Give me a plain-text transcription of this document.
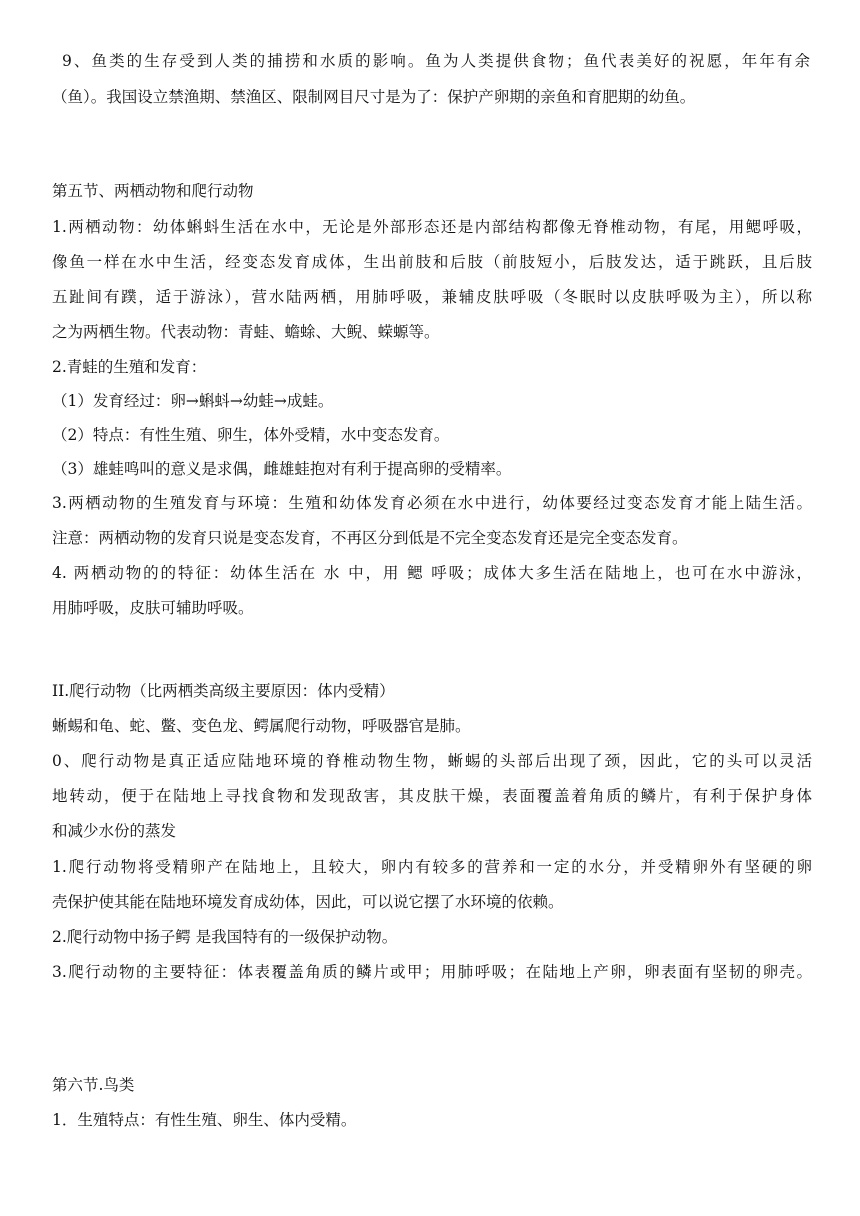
9、鱼类的生存受到人类的捕捞和水质的影响。鱼为人类提供食物；鱼代表美好的祝愿，年年有余
（鱼）。我国设立禁渔期、禁渔区、限制网目尺寸是为了：保护产卵期的亲鱼和育肥期的幼鱼。
第五节、两栖动物和爬行动物
1.两栖动物：幼体蝌蚪生活在水中，无论是外部形态还是内部结构都像无脊椎动物，有尾，用鳃呼吸，
像鱼一样在水中生活，经变态发育成体，生出前肢和后肢（前肢短小，后肢发达，适于跳跃，且后肢
五趾间有蹼，适于游泳），营水陆两栖，用肺呼吸，兼辅皮肤呼吸（冬眠时以皮肤呼吸为主），所以称
之为两栖生物。代表动物：青蛙、蟾蜍、大鲵、蝾螈等。
2.青蛙的生殖和发育：
（1）发育经过：卵→蝌蚪→幼蛙→成蛙。
（2）特点：有性生殖、卵生，体外受精，水中变态发育。
（3）雄蛙鸣叫的意义是求偶，雌雄蛙抱对有利于提高卵的受精率。
3.两栖动物的生殖发育与环境：生殖和幼体发育必须在水中进行，幼体要经过变态发育才能上陆生活。
注意：两栖动物的发育只说是变态发育，不再区分到低是不完全变态发育还是完全变态发育。
4. 两栖动物的的特征：幼体生活在 水 中，用 鳃 呼吸；成体大多生活在陆地上，也可在水中游泳，
用肺呼吸，皮肤可辅助呼吸。
II.爬行动物（比两栖类高级主要原因：体内受精）
蜥蜴和龟、蛇、鳖、变色龙、鳄属爬行动物，呼吸器官是肺。
0、爬行动物是真正适应陆地环境的脊椎动物生物，蜥蜴的头部后出现了颈，因此，它的头可以灵活
地转动，便于在陆地上寻找食物和发现敌害，其皮肤干燥，表面覆盖着角质的鳞片，有利于保护身体
和减少水份的蒸发
1.爬行动物将受精卵产在陆地上，且较大，卵内有较多的营养和一定的水分，并受精卵外有坚硬的卵
壳保护使其能在陆地环境发育成幼体，因此，可以说它摆了水环境的依赖。
2.爬行动物中扬子鳄 是我国特有的一级保护动物。
3.爬行动物的主要特征：体表覆盖角质的鳞片或甲；用肺呼吸；在陆地上产卵，卵表面有坚韧的卵壳。
第六节.鸟类
1．生殖特点：有性生殖、卵生、体内受精。
